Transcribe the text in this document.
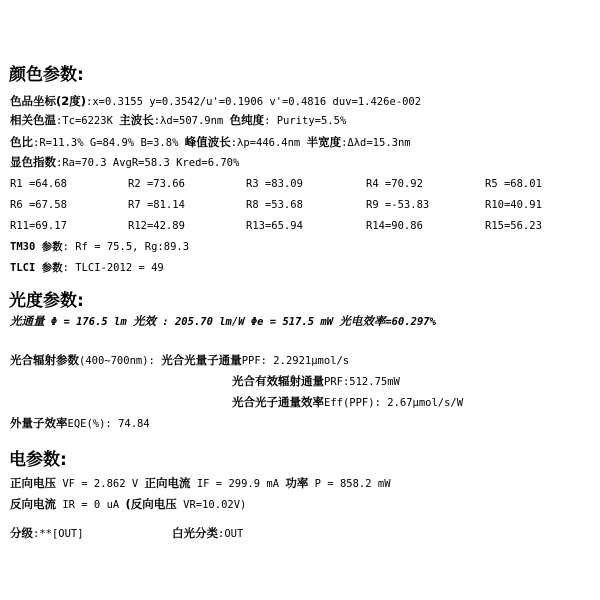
颜色参数:
色品坐标(2度):x=0.3155 y=0.3542/u'=0.1906 v'=0.4816 duv=1.426e-002
相关色温:Tc=6223K 主波长:λd=507.9nm 色纯度: Purity=5.5%
色比:R=11.3% G=84.9% B=3.8% 峰值波长:λp=446.4nm 半宽度:Δλd=15.3nm
显色指数:Ra=70.3 AvgR=58.3 Kred=6.70%
R1 =64.68	R2 =73.66	R3 =83.09	R4 =70.92	R5 =68.01
R6 =67.58	R7 =81.14	R8 =53.68	R9 =-53.83	R10=40.91
R11=69.17	R12=42.89	R13=65.94	R14=90.86	R15=56.23
TM30 参数: Rf = 75.5, Rg:89.3
TLCI 参数: TLCI-2012 = 49
光度参数:
光通量 Φ = 176.5 lm 光效 : 205.70 lm/W Φe = 517.5 mW 光电效率=60.297%
光合辐射参数(400~700nm): 光合光量子通量PPF: 2.2921μmol/s
光合有效辐射通量PRF:512.75mW
光合光子通量效率Eff(PPF): 2.67μmol/s/W
外量子效率EQE(%): 74.84
电参数:
正向电压 VF = 2.862 V 正向电流 IF = 299.9 mA 功率 P = 858.2 mW
反向电流 IR = 0 uA (反向电压 VR=10.02V)
分级:**[OUT]	白光分类:OUT
